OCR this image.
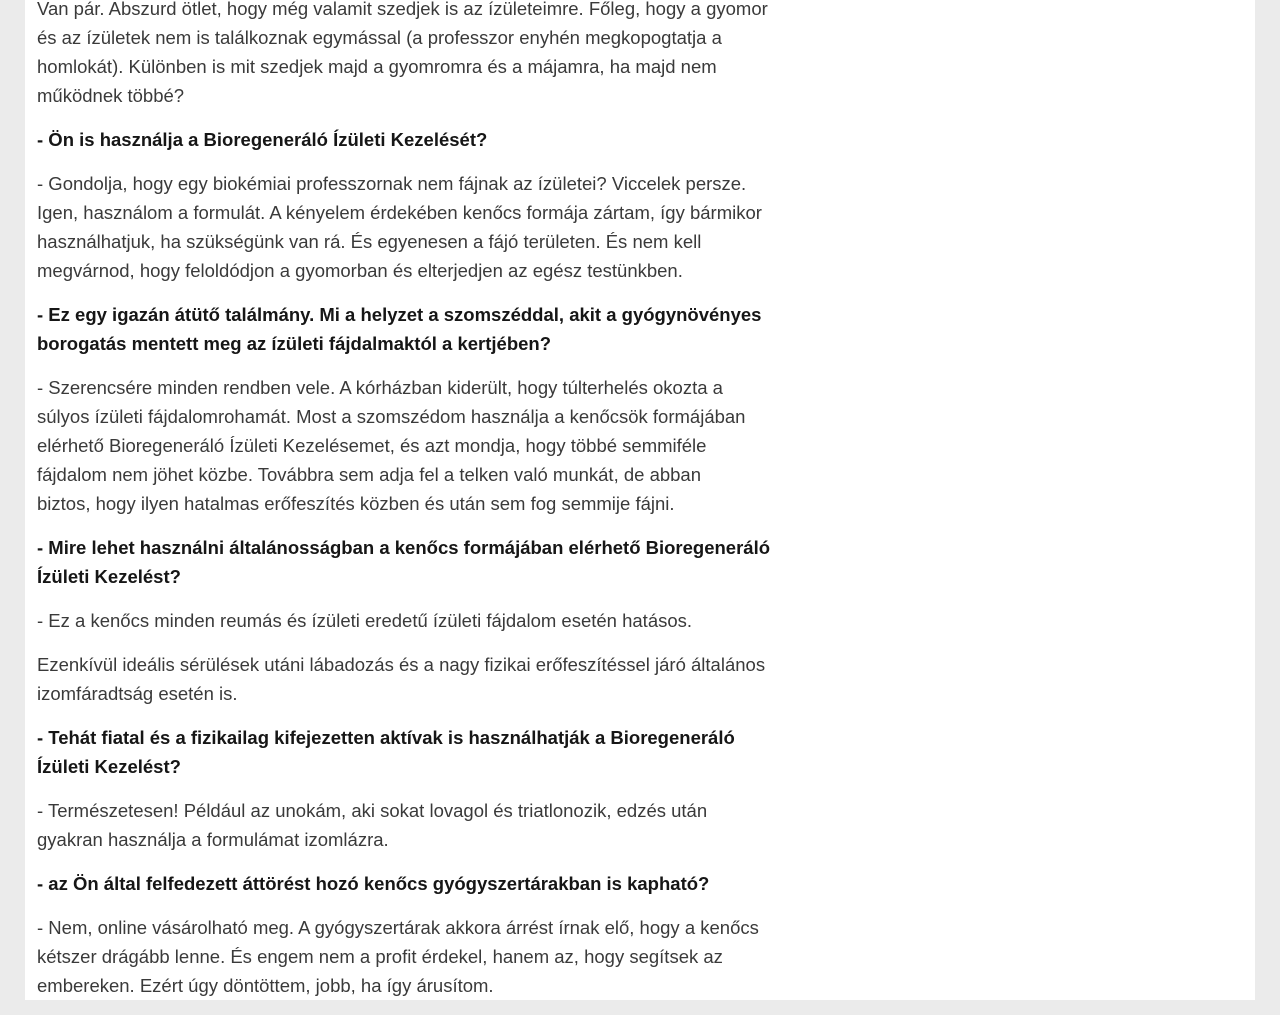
Van pár. Abszurd ötlet, hogy még valamit szedjek is az ízületeimre. Főleg, hogy a gyomor
és az ízületek nem is találkoznak egymással (a professzor enyhén megkopogtatja a
homlokát). Különben is mit szedjek majd a gyomromra és a májamra, ha majd nem
működnek többé?

- Ön is használja a Bioregeneráló Ízületi Kezelését?

- Gondolja, hogy egy biokémiai professzornak nem fájnak az ízületei? Viccelek persze.
Igen, használom a formulát. A kényelem érdekében kenőcs formája zártam, így bármikor
használhatjuk, ha szükségünk van rá. És egyenesen a fájó területen. És nem kell
megvárnod, hogy feloldódjon a gyomorban és elterjedjen az egész testünkben.

- Ez egy igazán átütő találmány. Mi a helyzet a szomszéddal, akit a gyógynövényes
borogatás mentett meg az ízületi fájdalmaktól a kertjében?

- Szerencsére minden rendben vele. A kórházban kiderült, hogy túlterhelés okozta a
súlyos ízületi fájdalomrohamát. Most a szomszédom használja a kenőcsök formájában
elérhető Bioregeneráló Ízületi Kezelésemet, és azt mondja, hogy többé semmiféle
fájdalom nem jöhet közbe. Továbbra sem adja fel a telken való munkát, de abban
biztos, hogy ilyen hatalmas erőfeszítés közben és után sem fog semmije fájni.

- Mire lehet használni általánosságban a kenőcs formájában elérhető Bioregeneráló
Ízületi Kezelést?

- Ez a kenőcs minden reumás és ízületi eredetű ízületi fájdalom esetén hatásos.

Ezenkívül ideális sérülések utáni lábadozás és a nagy fizikai erőfeszítéssel járó általános
izomfáradtság esetén is.

- Tehát fiatal és a fizikailag kifejezetten aktívak is használhatják a Bioregeneráló
Ízületi Kezelést?

- Természetesen! Például az unokám, aki sokat lovagol és triatlonozik, edzés után
gyakran használja a formulámat izomlázra.

- az Ön által felfedezett áttörést hozó kenőcs gyógyszertárakban is kapható?

- Nem, online vásárolható meg. A gyógyszertárak akkora árrést írnak elő, hogy a kenőcs
kétszer drágább lenne. És engem nem a profit érdekel, hanem az, hogy segítsek az
embereken. Ezért úgy döntöttem, jobb, ha így árusítom.
